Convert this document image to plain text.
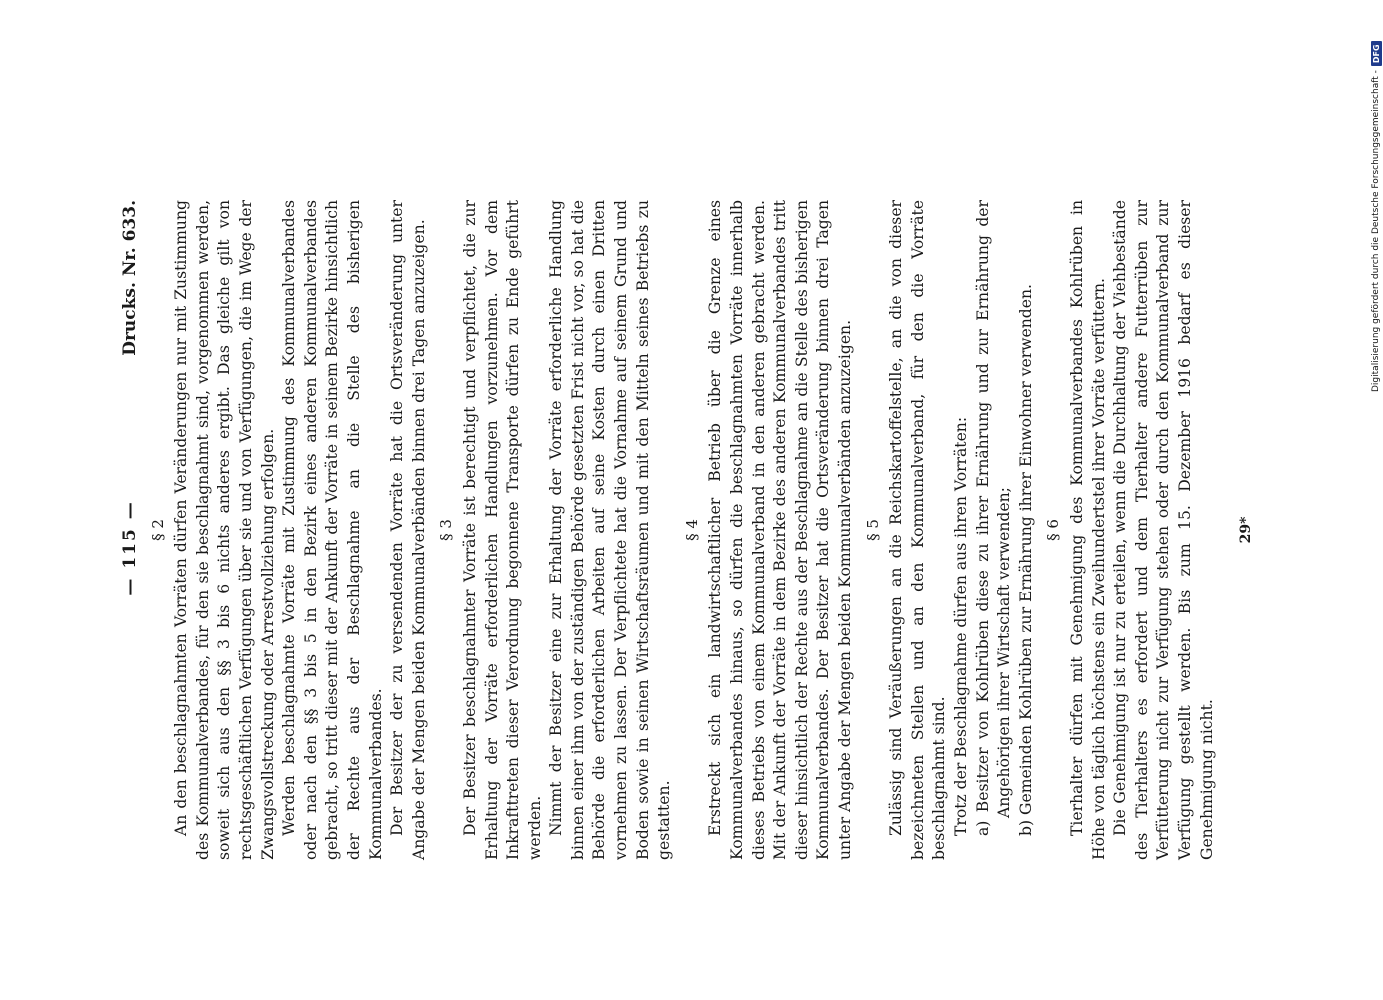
— 115 —
Drucks. Nr. 633.
§ 2 An den beschlagnahmten Vorräten dürfen Veränderungen nur mit Zustimmung des Kommunalverbandes, für den sie beschlagnahmt sind, vorgenommen werden, soweit sich aus den §§ 3 bis 6 nichts anderes ergibt. Das gleiche gilt von rechtsgeschäftlichen Verfügungen über sie und von Verfügungen, die im Wege der Zwangsvollstreckung oder Arrestvollziehung erfolgen. Werden beschlagnahmte Vorräte mit Zustimmung des Kommunalverbandes oder nach den §§ 3 bis 5 in den Bezirk eines anderen Kommunalverbandes gebracht, so tritt dieser mit der Ankunft der Vorräte in seinem Bezirke hinsichtlich der Rechte aus der Beschlagnahme an die Stelle des bisherigen Kommunalverbandes. Der Besitzer der zu versendenden Vorräte hat die Ortsveränderung unter Angabe der Mengen beiden Kommunalverbänden binnen drei Tagen anzuzeigen. § 3 Der Besitzer beschlagnahmter Vorräte ist berechtigt und verpflichtet, die zur Erhaltung der Vorräte erforderlichen Handlungen vorzunehmen. Vor dem Inkrafttreten dieser Verordnung begonnene Transporte dürfen zu Ende geführt werden. Nimmt der Besitzer eine zur Erhaltung der Vorräte erforderliche Handlung binnen einer ihm von der zuständigen Behörde gesetzten Frist nicht vor, so hat die Behörde die erforderlichen Arbeiten auf seine Kosten durch einen Dritten vornehmen zu lassen. Der Verpflichtete hat die Vornahme auf seinem Grund und Boden sowie in seinen Wirtschaftsräumen und mit den Mitteln seines Betriebs zu gestatten.

§ 4 Erstreckt sich ein landwirtschaftlicher Betrieb über die Grenze eines Kommunalverbandes hinaus, so dürfen die beschlagnahmten Vorräte innerhalb dieses Betriebs von einem Kommunalverband in den anderen gebracht werden. Mit der Ankunft der Vorräte in dem Bezirke des anderen Kommunalverbandes tritt dieser hinsichtlich der Rechte aus der Beschlagnahme an die Stelle des bisherigen Kommunalverbandes. Der Besitzer hat die Ortsveränderung binnen drei Tagen unter Angabe der Mengen beiden Kommunalverbänden anzuzeigen. § 5 Zulässig sind Veräußerungen an die Reichskartoffelstelle, an die von dieser bezeichneten Stellen und an den Kommunalverband, für den die Vorräte beschlagnahmt sind. Trotz der Beschlagnahme dürfen aus ihren Vorräten: a) Besitzer von Kohlrüben diese zu ihrer Ernährung und zur Ernährung der Angehörigen ihrer Wirtschaft verwenden; b) Gemeinden Kohlrüben zur Ernährung ihrer Einwohner verwenden. § 6 Tierhalter dürfen mit Genehmigung des Kommunalverbandes Kohlrüben in Höhe von täglich höchstens ein Zweihundertstel ihrer Vorräte verfüttern. Die Genehmigung ist nur zu erteilen, wenn die Durchhaltung der Viehbestände des Tierhalters es erfordert und dem Tierhalter andere Futterrüben zur Verfütterung nicht zur Verfügung stehen oder durch den Kommunalverband zur Verfügung gestellt werden. Bis zum 15. Dezember 1916 bedarf es dieser Genehmigung nicht.

29*
Digitalisierung gefördert durch die Deutsche Forschungsgemeinschaft -
DFG
